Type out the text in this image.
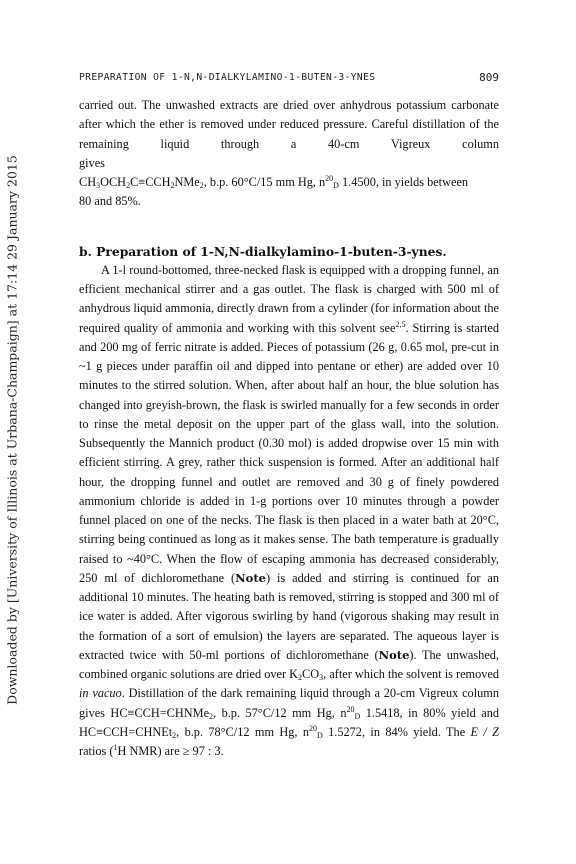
Downloaded by [University of Illinois at Urbana-Champaign] at 17:14 29 January 2015
PREPARATION OF 1-N,N-DIALKYLAMINO-1-BUTEN-3-YNES	809
carried out. The unwashed extracts are dried over anhydrous potassium carbonate
after which the ether is removed under reduced pressure. Careful distillation of the
remaining liquid through a 40-cm Vigreux column gives
$CH_3OCH_2C\equiv CCH_2NMe_2$, b.p. 60°C/15 mm Hg, $n^{20}_D$ 1.4500, in yields between
80 and 85%.
b. Preparation of 1-N,N-dialkylamino-1-buten-3-ynes.

A 1-l round-bottomed, three-necked flask is equipped with a dropping funnel, an efficient mechanical stirrer and a gas outlet. The flask is charged with 500 ml of anhydrous liquid ammonia, directly drawn from a cylinder (for information about the required quality of ammonia and working with this solvent see$^{2,5}$. Stirring is started and 200 mg of ferric nitrate is added. Pieces of potassium (26 g, 0.65 mol, pre-cut in ~1 g pieces under paraffin oil and dipped into pentane or ether) are added over 10 minutes to the stirred solution. When, after about half an hour, the blue solution has changed into greyish-brown, the flask is swirled manually for a few seconds in order to rinse the metal deposit on the upper part of the glass wall, into the solution. Subsequently the Mannich product (0.30 mol) is added dropwise over 15 min with efficient stirring. A grey, rather thick suspension is formed. After an additional half hour, the dropping funnel and outlet are removed and 30 g of finely powdered ammonium chloride is added in 1-g portions over 10 minutes through a powder funnel placed on one of the necks. The flask is then placed in a water bath at 20°C, stirring being continued as long as it makes sense. The bath temperature is gradually raised to ~40°C. When the flow of escaping ammonia has decreased considerably, 250 ml of dichloromethane (Note) is added and stirring is continued for an additional 10 minutes. The heating bath is removed, stirring is stopped and 300 ml of ice water is added. After vigorous swirling by hand (vigorous shaking may result in the formation of a sort of emulsion) the layers are separated. The aqueous layer is extracted twice with 50-ml portions of dichloromethane (Note). The unwashed, combined organic solutions are dried over $K_2CO_3$, after which the solvent is removed in vacuo. Distillation of the dark remaining liquid through a 20-cm Vigreux column gives HC≡CCH=CHNMe$_2$, b.p. 57°C/12 mm Hg, $n^{20}_D$ 1.5418, in 80% yield and HC≡CCH=CHNEt$_2$, b.p. 78°C/12 mm Hg, $n^{20}_D$ 1.5272, in 84% yield. The E / Z ratios ($^1$H NMR) are ≥ 97 : 3.
